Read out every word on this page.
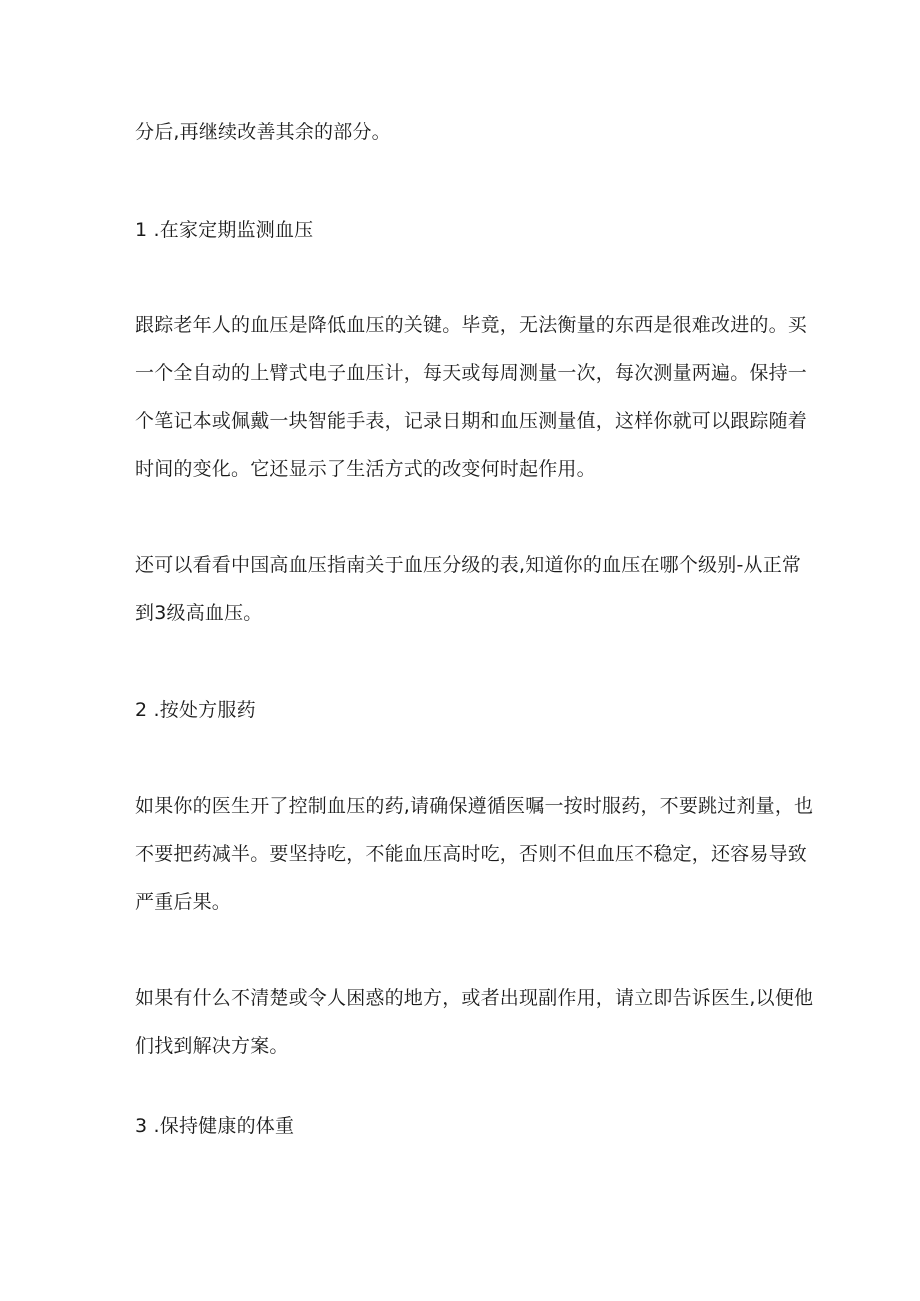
分后,再继续改善其余的部分。
1 .在家定期监测血压
跟踪老年人的血压是降低血压的关键。毕竟，无法衡量的东西是很难改进的。买
一个全自动的上臂式电子血压计，每天或每周测量一次，每次测量两遍。保持一
个笔记本或佩戴一块智能手表，记录日期和血压测量值，这样你就可以跟踪随着
时间的变化。它还显示了生活方式的改变何时起作用。
还可以看看中国高血压指南关于血压分级的表,知道你的血压在哪个级别-从正常
到3级高血压。
2 .按处方服药
如果你的医生开了控制血压的药,请确保遵循医嘱一按时服药，不要跳过剂量，也
不要把药减半。要坚持吃，不能血压高时吃，否则不但血压不稳定，还容易导致
严重后果。
如果有什么不清楚或令人困惑的地方，或者出现副作用，请立即告诉医生,以便他
们找到解决方案。
3 .保持健康的体重
